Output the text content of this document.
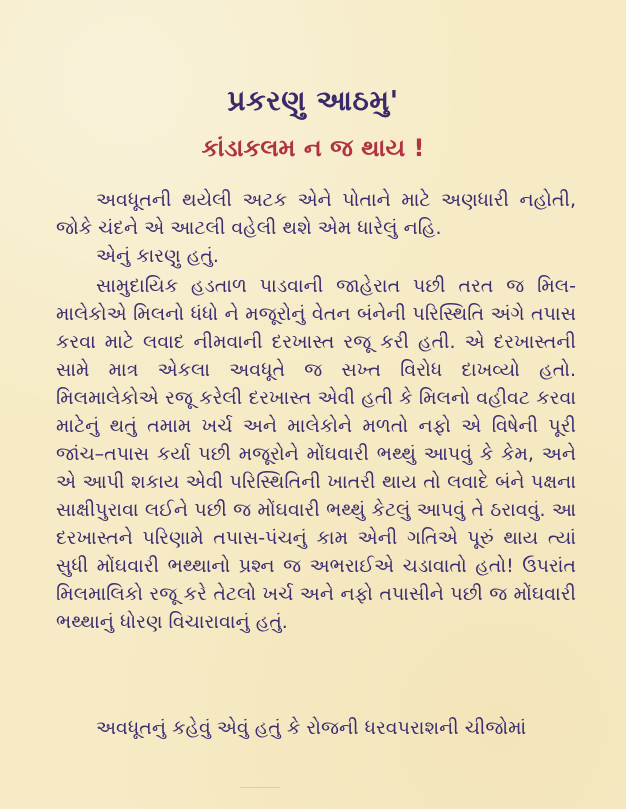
પ્રકરણુ આઠમુ'
કાંડાકલમ ન જ થાય !

અવધૂતની થયેલી અટક એને પોતાને માટે અણધારી નહોતી, જોકે ચંદને એ આટલી વહેલી થશે એમ ધારેલું નહિ.

એનું કારણુ હતું.

સામુદાયિક હડતાળ પાડવાની જાહેરાત પછી તરત જ મિલ-માલેકોએ મિલનો ધંધો ને મજૂરોનું વેતન બંનેની પરિસ્થિતિ અંગે તપાસ કરવા માટે લવાદ નીમવાની દરખાસ્ત રજૂ કરી હતી. એ દરખાસ્તની સામે માત્ર એકલા અવધૂતે જ સખ્ત વિરોધ દાખવ્યો હતો. મિલમાલેકોએ રજૂ કરેલી દરખાસ્ત એવી હતી કે મિલનો વહીવટ કરવા માટેનું થતું તમામ ખર્ચ અને માલેકોને મળતો નફો એ વિષેની પૂરી જાંચ–તપાસ કર્યા પછી મજૂરોને મોંઘવારી ભથ્થું આપવું કે કેમ, અને એ આપી શકાય એવી પરિસ્થિતિની ખાતરી થાય તો લવાદે બંને પક્ષના સાક્ષીપુરાવા લઈને પછી જ મોંઘવારી ભથ્થું કેટલું આપવું તે ઠરાવવું. આ દરખાસ્તને પરિણામે તપાસ-પંચનું કામ એની ગતિએ પૂરું થાય ત્યાં સુધી મોંઘવારી ભથ્થાનો પ્રશ્ન જ અભરાઈએ ચડાવાતો હતો! ઉપરાંત મિલમાલિકો રજૂ કરે તેટલો ખર્ચ અને નફો તપાસીને પછી જ મોંઘવારી ભથ્થાનું ધોરણ વિચારાવાનું હતું.

અવધૂતનું કહેવું એવું હતું કે રોજની ધરવપરાશની ચીજોમાં
